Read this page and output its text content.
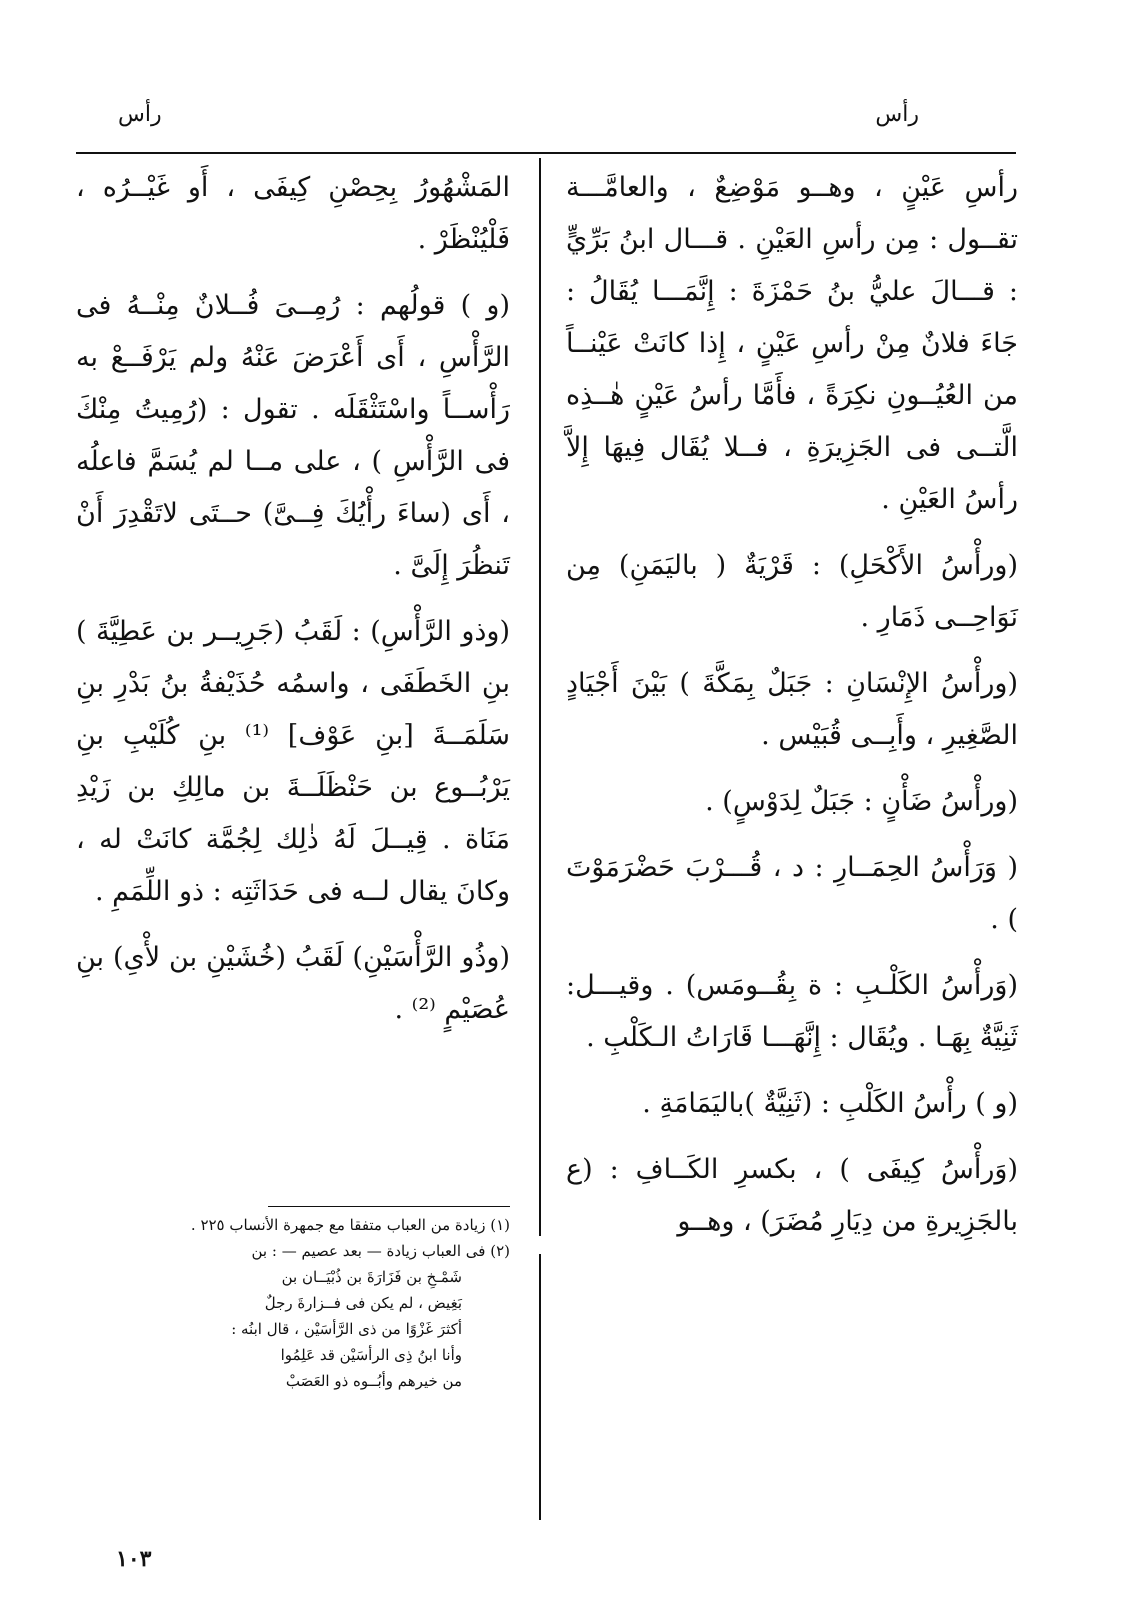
رأس
رأس

رأسِ عَيْنٍ ، وهــو مَوْضِعٌ ، والعامَّـــة تقــول : مِن رأسِ العَيْنِ . قـــال ابنُ بَرِّيٍّ : قـــالَ عليُّ بنُ حَمْزَةَ : إِنَّمَـــا يُقَالُ : جَاءَ فلانٌ مِنْ رأسِ عَيْنٍ ، إِذا كانَتْ عَيْنــاً من العُيُــونِ نكِرَةً ، فأَمَّا رأسُ عَيْنٍ هٰــذِه الَّتــى فى الجَزِيرَةِ ، فــلا يُقَال فِيهَا إِلاَّ رأسُ العَيْنِ .

(ورأْسُ الأَكْحَلِ) : قَرْيَةٌ ( باليَمَنِ) مِن نَوَاحِــى ذَمَارِ .

(ورأْسُ الإِنْسَانِ : جَبَلٌ بِمَكَّةَ ) بَيْنَ أَجْيَادٍ الصَّغِيرِ ، وأَبِــى قُبَيْس .

(ورأْسُ ضَأْنٍ : جَبَلٌ لِدَوْسٍ) .

( وَرَأْسُ الحِمَــارِ : د ، قُـــرْبَ حَضْرَمَوْتَ ) .

(وَرأْسُ الكَلْـبِ : ة بِقُــومَس) . وقيـــل: ثَنِيَّةٌ بِهَـا . ويُقَال : إِنَّهَـــا قَارَاتُ الـكَلْبِ .

(و ) رأْسُ الكَلْبِ : (ثَنِيَّةٌ )باليَمَامَةِ .

(وَرأْسُ كِيفَى ) ، بكسرِ الكَــافِ : (ع بالجَزِيرةِ من دِيَارِ مُضَرَ) ، وهــو

المَشْهُورُ بِحِصْنِ كِيفَى ، أَو غَيْــرُه ، فَلْيُنْظَرْ .

(و ) قولُهم : رُمِــىَ فُــلانٌ مِنْــهُ فى الرَّأْسِ ، أَى أَعْرَضَ عَنْهُ ولم يَرْفَــعْ به رَأْســاً واسْتَثْقَلَه . تقول : (رُمِيتُ مِنْكَ فى الرَّأْسِ ) ، على مــا لم يُسَمَّ فاعلُه ، أَى (ساءَ رأْيُكَ فِــىَّ) حــتَى لاتَقْدِرَ أَنْ تَنظُرَ إِلَىَّ .

(وذو الرَّأْسِ) : لَقَبُ (جَرِيــر بن عَطِيَّةَ ) بنِ الخَطَفَى ، واسمُه حُذَيْفةُ بنُ بَدْرِ بنِ سَلَمَــةَ [بنِ عَوْف] ⁽¹⁾ بنِ كُلَيْبِ بنِ يَرْبُــوع بن حَنْظَلَــةَ بن مالِكِ بن زَيْدِ مَنَاة . قِيــلَ لَهُ ذٰلِك لِجُمَّة كانَتْ له ، وكانَ يقال لــه فى حَدَاثَتِه : ذو اللِّمَمِ .

(وذُو الرَّأْسَيْنِ) لَقَبُ (خُشَيْنِ بن لأْىِ) بنِ عُصَيْمٍ ⁽²⁾ .

(١) زيادة من العباب متفقا مع جمهرة الأنساب ٢٢٥ .

(٢) فى العباب زيادة — بعد عصيم — : بن

شَمْـخِ بن فَزَارَةَ بن ذُبْيَــان بن

بَغِيض ، لم يكن فى فــزارةَ رجلٌ

أكثرَ غَزْوًا من ذى الرَّأسَيْن ، قال ابنُه :

وأنا ابنُ ذِى الرأسَيْن قد عَلِمُوا

من خيرهم وأبُــوه ذو العَصَبْ

١٠٣
